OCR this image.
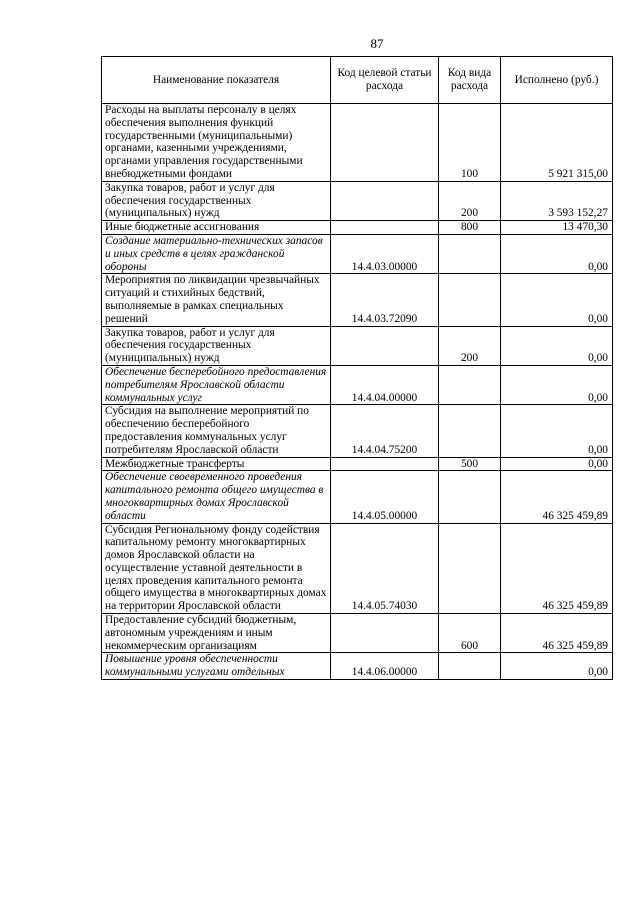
87
Наименование показателя	Код целевой статьи расхода	Код вида расхода	Исполнено (руб.)
Расходы на выплаты персоналу в целях обеспечения выполнения функций государственными (муниципальными) органами, казенными учреждениями, органами управления государственными внебюджетными фондами		100	5 921 315,00
Закупка товаров, работ и услуг для обеспечения государственных (муниципальных) нужд		200	3 593 152,27
Иные бюджетные ассигнования		800	13 470,30
Создание материально-технических запасов и иных средств в целях гражданской обороны	14.4.03.00000		0,00
Мероприятия по ликвидации чрезвычайных ситуаций и стихийных бедствий, выполняемые в рамках специальных решений	14.4.03.72090		0,00
Закупка товаров, работ и услуг для обеспечения государственных (муниципальных) нужд		200	0,00
Обеспечение бесперебойного предоставления потребителям Ярославской области коммунальных услуг	14.4.04.00000		0,00
Субсидия на выполнение мероприятий по обеспечению бесперебойного предоставления коммунальных услуг потребителям Ярославской области	14.4.04.75200		0,00
Межбюджетные трансферты		500	0,00
Обеспечение своевременного проведения капитального ремонта общего имущества в многоквартирных домах Ярославской области	14.4.05.00000		46 325 459,89
Субсидия Региональному фонду содействия капитальному ремонту многоквартирных домов Ярославской области на осуществление уставной деятельности в целях проведения капитального ремонта общего имущества в многоквартирных домах на территории Ярославской области	14.4.05.74030		46 325 459,89
Предоставление субсидий бюджетным, автономным учреждениям и иным некоммерческим организациям		600	46 325 459,89
Повышение уровня обеспеченности коммунальными услугами отдельных	14.4.06.00000		0,00
